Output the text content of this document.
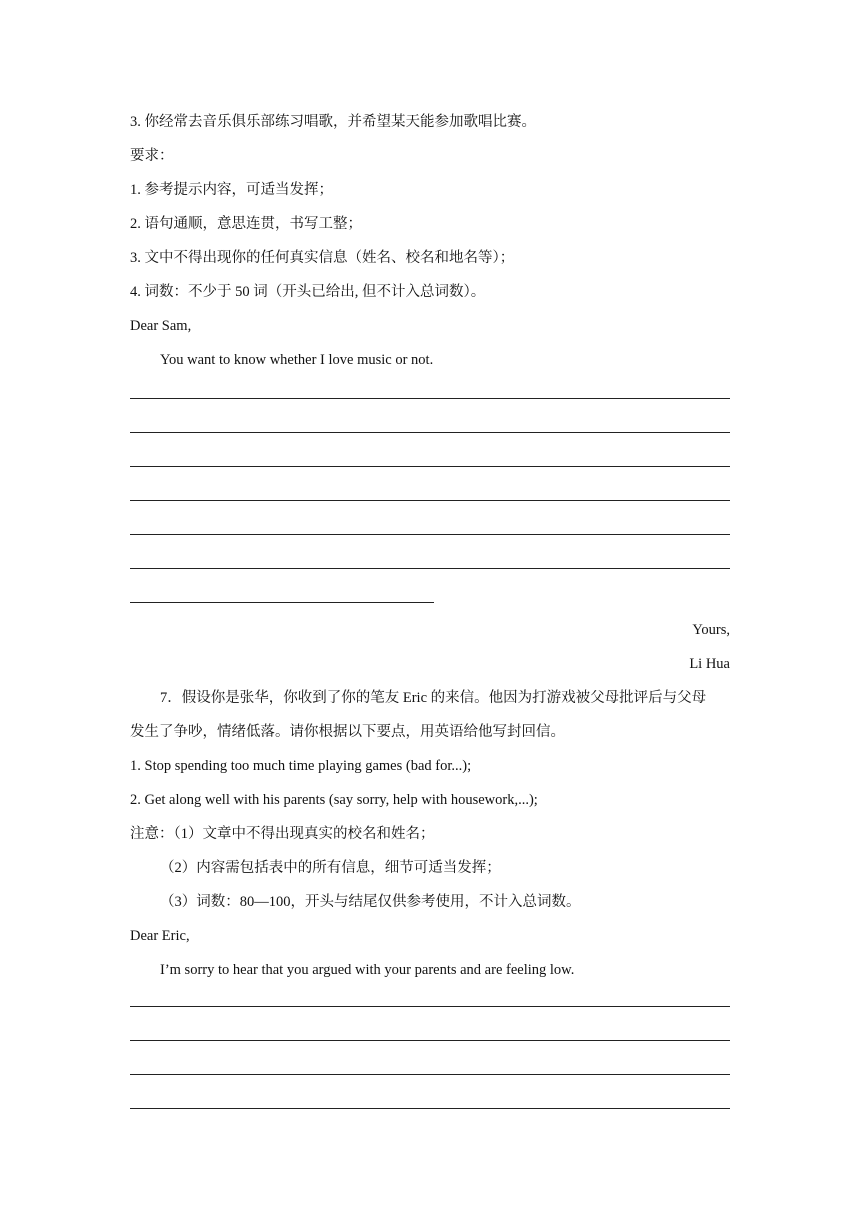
3. 你经常去音乐俱乐部练习唱歌，并希望某天能参加歌唱比赛。
要求：
1. 参考提示内容，可适当发挥；
2. 语句通顺，意思连贯，书写工整；
3. 文中不得出现你的任何真实信息（姓名、校名和地名等）；
4. 词数：不少于 50 词（开头已给出, 但不计入总词数）。
Dear Sam,
You want to know whether I love music or not.
Yours,
Li Hua
7．假设你是张华，你收到了你的笔友 Eric 的来信。他因为打游戏被父母批评后与父母
发生了争吵，情绪低落。请你根据以下要点，用英语给他写封回信。
1. Stop spending too much time playing games (bad for...);
2. Get along well with his parents (say sorry, help with housework,...);
注意：（1）文章中不得出现真实的校名和姓名；
（2）内容需包括表中的所有信息，细节可适当发挥；
（3）词数：80—100，开头与结尾仅供参考使用，不计入总词数。
Dear Eric,
I’m sorry to hear that you argued with your parents and are feeling low.
